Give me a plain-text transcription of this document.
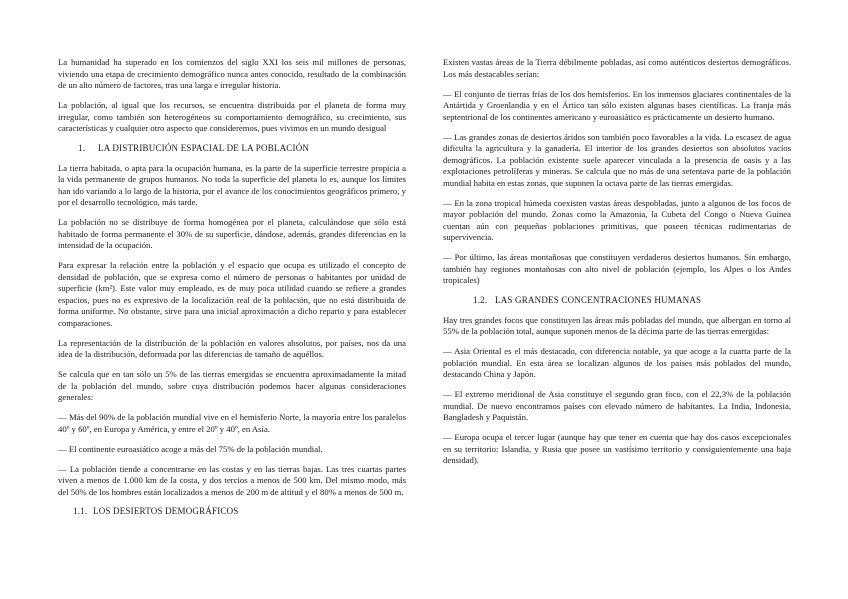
La humanidad ha superado en los comienzos del siglo XXI los seis mil millones de personas, viviendo una etapa de crecimiento demográfico nunca antes conocido, resultado de la combinación de un alto número de factores, tras una larga e irregular historia.

La población, al igual que los recursos, se encuentra distribuida por el planeta de forma muy irregular, como también son heterogéneos su comportamiento demográfico, su crecimiento, sus características y cualquier otro aspecto que consideremos, pues vivimos en un mundo desigual

1. LA DISTRIBUCIÓN ESPACIAL DE LA POBLACIÓN

La tierra habitada, o apta para la ocupación humana, es la parte de la superficie terrestre propicia a la vida permanente de grupos humanos. No toda la superficie del planeta lo es, aunque los límites han ido variando a lo largo de la historia, por el avance de los conocimientos geográficos primero, y por el desarrollo tecnológico, más tarde.

La población no se distribuye de forma homogénea por el planeta, calculándose que sólo está habitado de forma permanente el 30% de su superficie, dándose, además, grandes diferencias en la intensidad de la ocupación.

Para expresar la relación entre la población y el espacio que ocupa es utilizado el concepto de densidad de población, que se expresa como el número de personas o habitantes por unidad de superficie (km²). Este valor muy empleado, es de muy poca utilidad cuando se refiere a grandes espacios, pues no es expresivo de la localización real de la población, que no está distribuida de forma uniforme. No obstante, sirve para una inicial aproximación a dicho reparto y para establecer comparaciones.

La representación de la distribución de la población en valores absolutos, por países, nos da una idea de la distribución, deformada por las diferencias de tamaño de aquéllos.

Se calcula que en tan sólo un 5% de las tierras emergidas se encuentra aproximadamente la mitad de la población del mundo, sobre cuya distribución podemos hacer algunas consideraciones generales:

— Más del 90% de la población mundial vive en el hemisferio Norte, la mayoría entre los paralelos 40º y 60º, en Europa y América, y entre el 20º y 40º, en Asia.

— El continente euroasiático acoge a más del 75% de la población mundial.

— La población tiende a concentrarse en las costas y en las tierras bajas. Las tres cuartas partes viven a menos de 1.000 km de la costa, y dos tercios a menos de 500 km. Del mismo modo, más del 50% de los hombres están localizados a menos de 200 m de altitud y el 80% a menos de 500 m.

1.1. LOS DESIERTOS DEMOGRÁFICOS

Existen vastas áreas de la Tierra débilmente pobladas, así como auténticos desiertos demográficos. Los más destacables serían:

— El conjunto de tierras frías de los dos hemisferios. En los inmensos glaciares continentales de la Antártida y Groenlandia y en el Ártico tan sólo existen algunas bases científicas. La franja más septentrional de los continentes americano y euroasiático es prácticamente un desierto humano.

— Las grandes zonas de desiertos áridos son también poco favorables a la vida. La escasez de agua dificulta la agricultura y la ganadería. El interior de los grandes desiertos son absolutos vacíos demográficos. La población existente suele aparecer vinculada a la presencia de oasis y a las explotaciones petrolíferas y mineras. Se calcula que no más de una setentava parte de la población mundial habita en estas zonas, que suponen la octava parte de las tierras emergidas.

— En la zona tropical húmeda coexisten vastas áreas despobladas, junto a algunos de los focos de mayor población del mundo. Zonas como la Amazonia, la Cubeta del Congo o Nueva Guinea cuentan aún con pequeñas poblaciones primitivas, que poseen técnicas rudimentarias de supervivencia.

— Por último, las áreas montañosas que constituyen verdaderos desiertos humanos. Sin embargo, también hay regiones montañosas con alto nivel de población (ejemplo, los Alpes o los Andes tropicales)

1.2. LAS GRANDES CONCENTRACIONES HUMANAS

Hay tres grandes focos que constituyen las áreas más pobladas del mundo, que albergan en torno al 55% de la población total, aunque suponen menos de la décima parte de las tierras emergidas:

— Asia Oriental es el más destacado, con diferencia notable, ya que acoge a la cuarta parte de la población mundial. En esta área se localizan algunos de los países más poblados del mundo, destacando China y Japón.

— El extremo meridional de Asia constituye el segundo gran foco, con el 22,3% de la población mundial. De nuevo encontramos países con elevado número de habitantes. La India, Indonesia, Bangladesh y Paquistán.

— Europa ocupa el tercer lugar (aunque hay que tener en cuenta que hay dos casos excepcionales en su territorio: Islandia, y Rusia que posee un vastísimo territorio y consiguientemente una baja densidad).
